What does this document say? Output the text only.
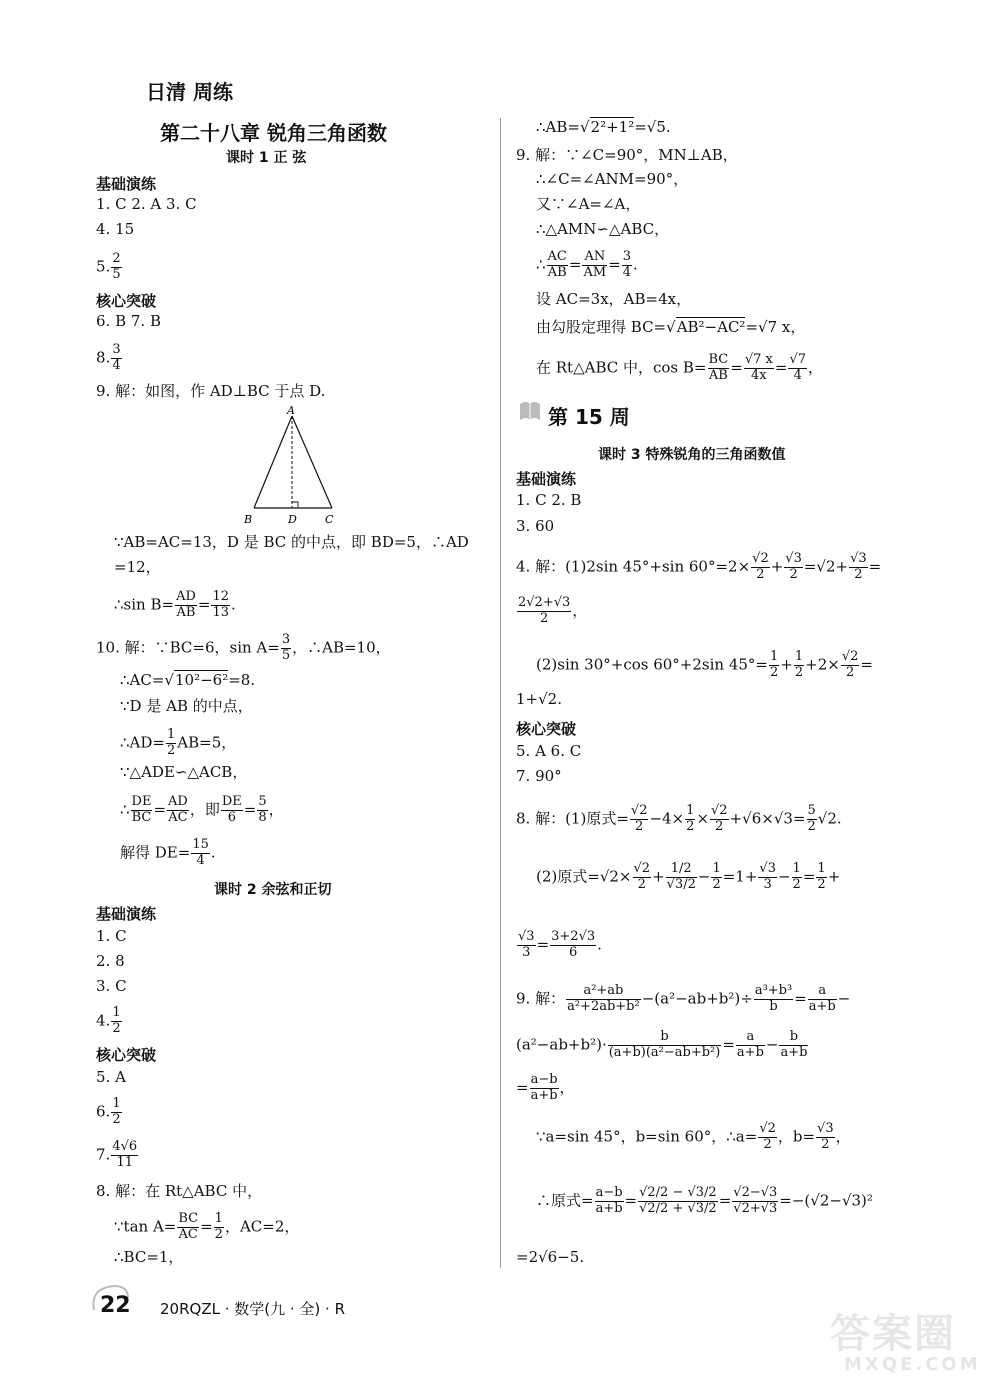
日清 周练
第二十八章 锐角三角函数
课时 1 正 弦
基础演练
1. C 2. A 3. C
4. 15
5. $\frac{2}{5}$
核心突破
6. B 7. B
8. $\frac{3}{4}$
9. 解：如图，作 AD⊥BC 于点 D.
A
B	D	C
∵AB=AC=13，D 是 BC 的中点，即 BD=5，∴AD
=12，
∴sin $B= \frac{AD}{AB} = \frac{12}{13}$ .
10. 解：∵BC=6，$\sin A= \frac{3}{5}$ ，∴AB=10，
∴AC=√10²−6²=8.
∵D 是 AB 的中点，
∴AD= $\frac{1}{2} AB=5$，
∵△ADE∽△ACB，
∴ $\frac{DE}{BC} = \frac{AD}{AC}$ ，即 $\frac{DE}{6} = \frac{5}{8}$ ，
解得 $DE= \frac{15}{4}$ .
课时 2 余弦和正切
基础演练
1. C
2. 8
3. C
4. $\frac{1}{2}$
核心突破
5. A
6. $\frac{1}{2}$
7. $\frac{4√6}{11}$
8. 解：在 Rt△ABC 中，
∵tan $A= \frac{BC}{AC} = \frac{1}{2}$ ，AC=2，
∴BC=1，
∴AB=√2²+1²=√5.
9. 解：∵∠C=90°，MN⊥AB，
∴∠C=∠ANM=90°，
又∵∠A=∠A，
∴△AMN∽△ABC，
∴ $\frac{AC}{AB} = \frac{AN}{AM} = \frac{3}{4}$ .
设 AC=3x，AB=4x，
由勾股定理得 BC=√AB²−AC²=√7 x，
在 Rt△ABC 中，$\cos B= \frac{BC}{AB} = \frac{√7 x}{4x} = \frac{√7}{4}$ ，
第 15 周
课时 3 特殊锐角的三角函数值
基础演练
1. C 2. B
3. 60
4. 解：(1)2sin 45°+sin $60^\circ=2\times \frac{√2}{2} + \frac{√3}{2} =√2+ \frac{√3}{2}$ =
$\frac{2√2+√3}{2}$ ，
(2)sin 30°+cos 60°+2sin $45^\circ= \frac{1}{2} + \frac{1}{2} +2\times \frac{√2}{2}$ =
1+√2.
核心突破
5. A 6. C
7. 90°
8. 解：(1)原式= $\frac{√2}{2} -4\times \frac{1}{2} \times \frac{√2}{2} +√6\times√3= \frac{5}{2} √2$.
(2)原式$=√2\times \frac{√2}{2} + \frac{1/2}{√3/2} - \frac{1}{2} =1+ \frac{√3}{3} - \frac{1}{2} = \frac{1}{2}$ +
$\frac{√3}{3} = \frac{3+2√3}{6}$ .
9. 解： $\frac{\text{a²+ab}}{\text{a²+2ab+b²}} -(a^2-ab+b^2)\div \frac{\text{a³+b³}}{b} = \frac{a}{a+b}$ −
$(a^2-ab+b^2)\cdot \frac{b}{\text{(a+b)(a²−ab+b²)}} = \frac{a}{a+b} - \frac{b}{a+b}$
= $\frac{a-b}{a+b}$ ，
∵a=sin 45°，b=sin 60°，∴a= $\frac{√2}{2}$ ，$b= \frac{√3}{2}$ ，
∴原式= $\frac{a-b}{a+b} = \frac{√2/2 - √3/2}{√2/2 + √3/2} = \frac{√2-√3}{√2+√3} =-(√2-√3)^2$
=2√6−5.
22 20RQZL · 数学(九 · 全) · R
答案圈
MXQE.COM
